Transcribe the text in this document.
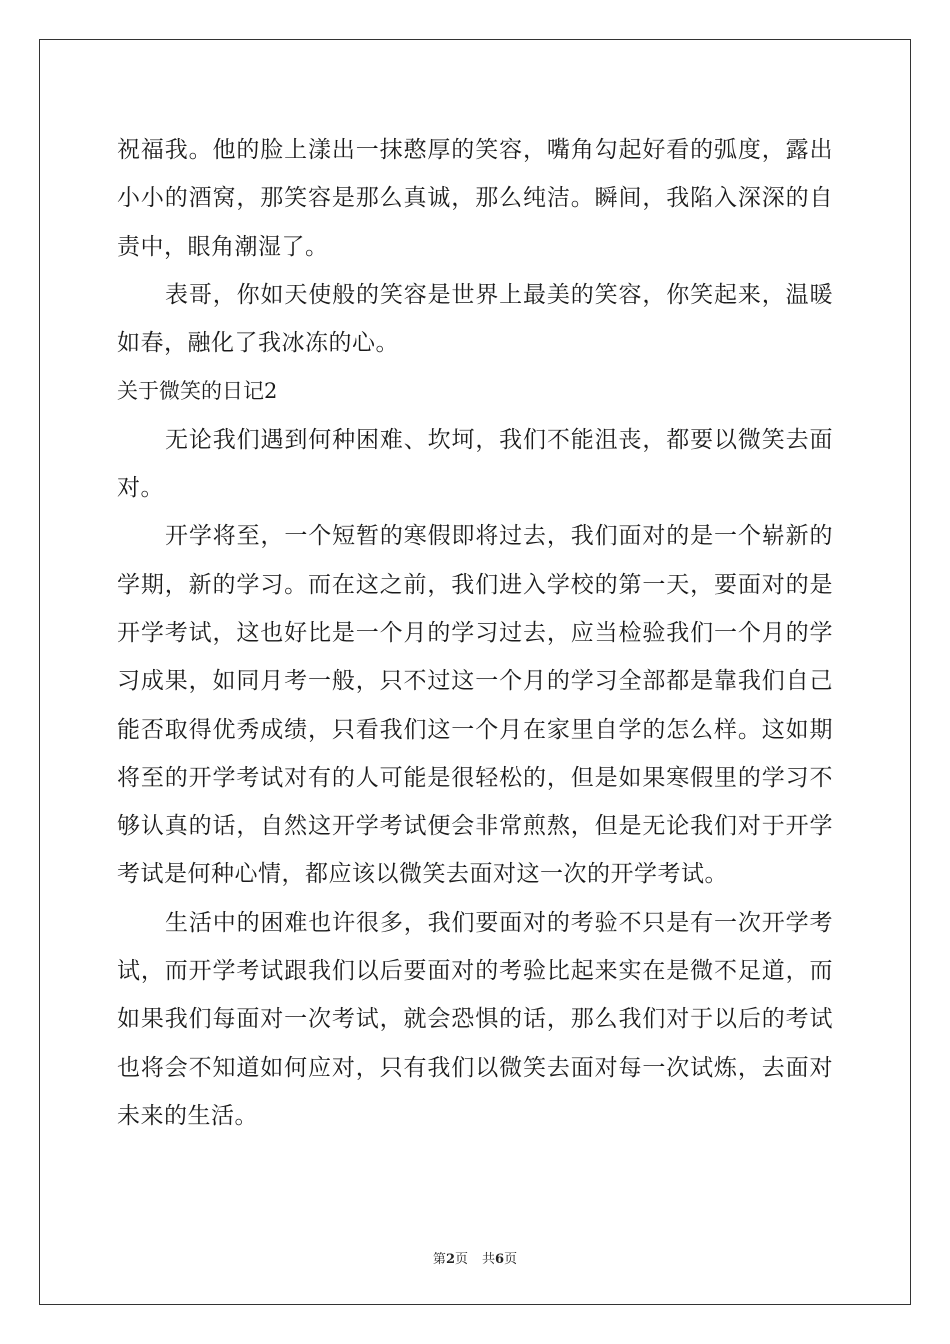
祝福我。他的脸上漾出一抹憨厚的笑容，嘴角勾起好看的弧度，露出
小小的酒窝，那笑容是那么真诚，那么纯洁。瞬间，我陷入深深的自
责中，眼角潮湿了。
表哥，你如天使般的笑容是世界上最美的笑容，你笑起来，温暖
如春，融化了我冰冻的心。
关于微笑的日记2
无论我们遇到何种困难、坎坷，我们不能沮丧，都要以微笑去面
对。
开学将至，一个短暂的寒假即将过去，我们面对的是一个崭新的
学期，新的学习。而在这之前，我们进入学校的第一天，要面对的是
开学考试，这也好比是一个月的学习过去，应当检验我们一个月的学
习成果，如同月考一般，只不过这一个月的学习全部都是靠我们自己
能否取得优秀成绩，只看我们这一个月在家里自学的怎么样。这如期
将至的开学考试对有的人可能是很轻松的，但是如果寒假里的学习不
够认真的话，自然这开学考试便会非常煎熬，但是无论我们对于开学
考试是何种心情，都应该以微笑去面对这一次的开学考试。
生活中的困难也许很多，我们要面对的考验不只是有一次开学考
试，而开学考试跟我们以后要面对的考验比起来实在是微不足道，而
如果我们每面对一次考试，就会恐惧的话，那么我们对于以后的考试
也将会不知道如何应对，只有我们以微笑去面对每一次试炼，去面对
未来的生活。
第2页 共6页
